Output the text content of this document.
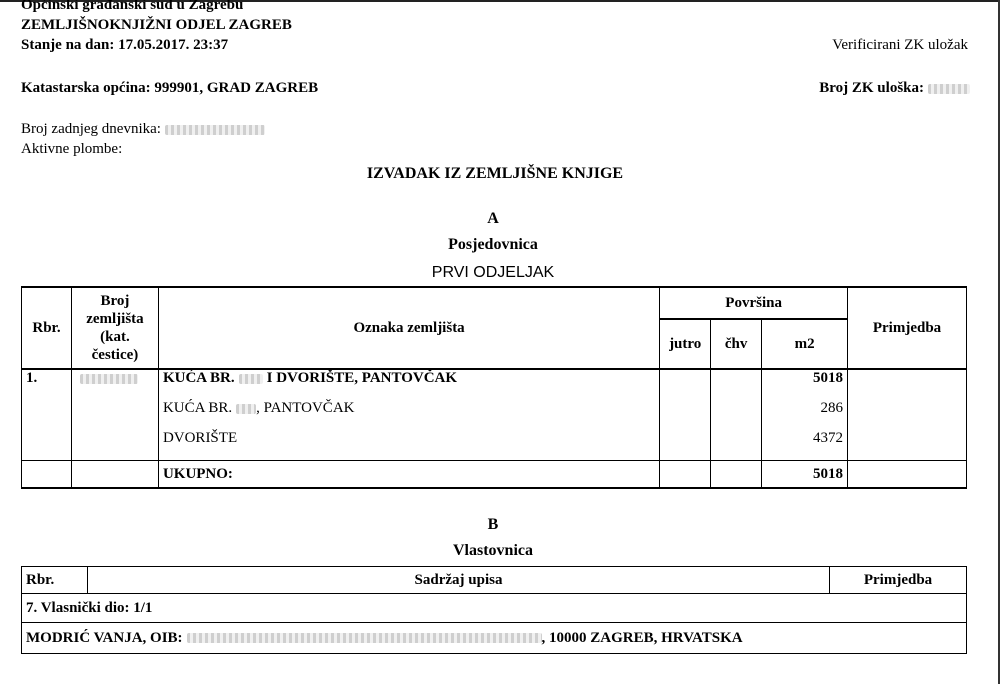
Općinski građanski sud u Zagrebu
ZEMLJIŠNOKNJIŽNI ODJEL ZAGREB
Stanje na dan: 17.05.2017. 23:37	Verificirani ZK uložak
Katastarska općina: 999901, GRAD ZAGREB	Broj ZK uloška:
Broj zadnjeg dnevnika:
Aktivne plombe:
IZVADAK IZ ZEMLJIŠNE KNJIGE
A
Posjedovnica
PRVI ODJELJAK
Rbr.	Broj zemljišta (kat. čestice)	Oznaka zemljišta	Površina			Primjedba
			jutro	čhv	m2	
1.		KUĆA BR. I DVORIŠTE, PANTOVČAK			5018	
		KUĆA BR. , PANTOVČAK			286	
		DVORIŠTE			4372	
		UKUPNO:			5018	
B
Vlastovnica
Rbr.	Sadržaj upisa	Primjedba
7. Vlasnički dio: 1/1
MODRIĆ VANJA, OIB:	, 10000 ZAGREB, HRVATSKA
